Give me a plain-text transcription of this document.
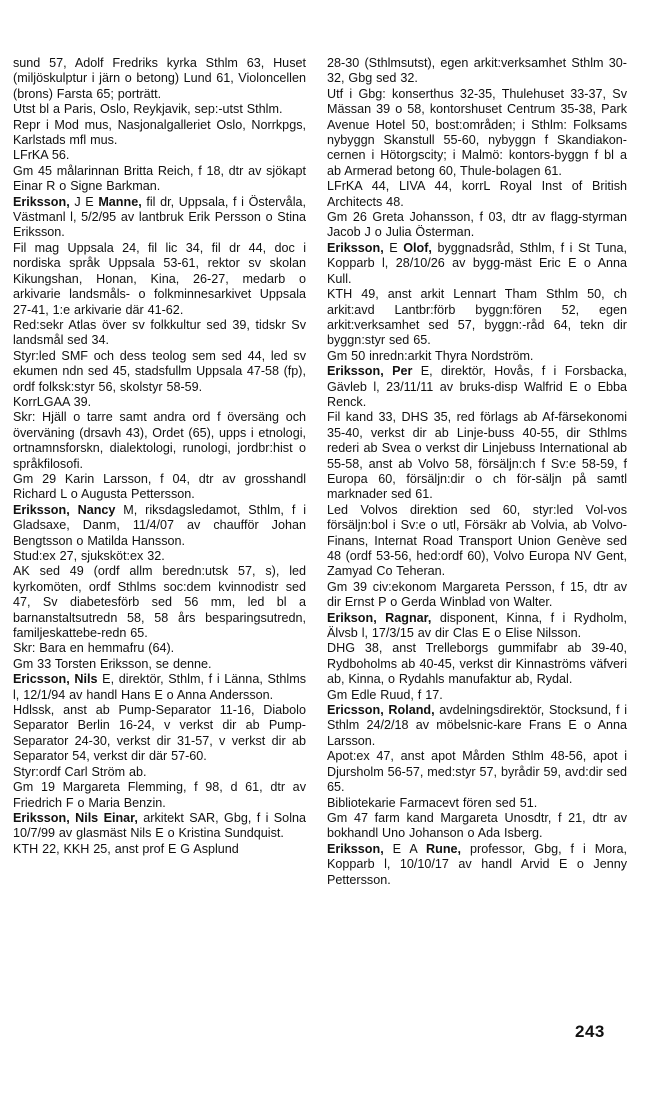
sund 57, Adolf Fredriks kyrka Sthlm 63, Huset (miljöskulptur i järn o betong) Lund 61, Violoncellen (brons) Farsta 65; porträtt.

Utst bl a Paris, Oslo, Reykjavik, sep:-utst Sthlm.

Repr i Mod mus, Nasjonalgalleriet Oslo, Norrkpgs, Karlstads mfl mus.

LFrKA 56.

Gm 45 målarinnan Britta Reich, f 18, dtr av sjökapt Einar R o Signe Barkman.

Eriksson, J E Manne, fil dr, Uppsala, f i Östervåla, Västmanl l, 5/2/95 av lantbruk Erik Persson o Stina Eriksson.

Fil mag Uppsala 24, fil lic 34, fil dr 44, doc i nordiska språk Uppsala 53-61, rektor sv skolan Kikungshan, Honan, Kina, 26-27, medarb o arkivarie landsmåls- o folkminnesarkivet Uppsala 27-41, 1:e arkivarie där 41-62.

Red:sekr Atlas över sv folkkultur sed 39, tidskr Sv landsmål sed 34.

Styr:led SMF och dess teolog sem sed 44, led sv ekumen ndn sed 45, stadsfullm Uppsala 47-58 (fp), ordf folksk:styr 56, skolstyr 58-59.

KorrLGAA 39.

Skr: Hjäll o tarre samt andra ord f översäng och överväning (drsavh 43), Ordet (65), upps i etnologi, ortnamnsforskn, dialektologi, runologi, jordbr:hist o språkfilosofi.

Gm 29 Karin Larsson, f 04, dtr av grosshandl Richard L o Augusta Pettersson.

Eriksson, Nancy M, riksdagsledamot, Sthlm, f i Gladsaxe, Danm, 11/4/07 av chaufför Johan Bengtsson o Matilda Hansson.

Stud:ex 27, sjuksköt:ex 32.

AK sed 49 (ordf allm beredn:utsk 57, s), led kyrkomöten, ordf Sthlms soc:dem kvinnodistr sed 47, Sv diabetesförb sed 56 mm, led bl a barnanstaltsutredn 58, 58 års besparingsutredn, familjeskattebe-redn 65.

Skr: Bara en hemmafru (64).

Gm 33 Torsten Eriksson, se denne.

Ericsson, Nils E, direktör, Sthlm, f i Länna, Sthlms l, 12/1/94 av handl Hans E o Anna Andersson.

Hdlssk, anst ab Pump-Separator 11-16, Diabolo Separator Berlin 16-24, v verkst dir ab Pump-Separator 24-30, verkst dir 31-57, v verkst dir ab Separator 54, verkst dir där 57-60.

Styr:ordf Carl Ström ab.

Gm 19 Margareta Flemming, f 98, d 61, dtr av Friedrich F o Maria Benzin.

Eriksson, Nils Einar, arkitekt SAR, Gbg, f i Solna 10/7/99 av glasmäst Nils E o Kristina Sundquist.

KTH 22, KKH 25, anst prof E G Asplund

28-30 (Sthlmsutst), egen arkit:verksamhet Sthlm 30-32, Gbg sed 32.

Utf i Gbg: konserthus 32-35, Thulehuset 33-37, Sv Mässan 39 o 58, kontorshuset Centrum 35-38, Park Avenue Hotel 50, bost:områden; i Sthlm: Folksams nybyggn Skanstull 55-60, nybyggn f Skandiakon-cernen i Hötorgscity; i Malmö: kontors-byggn f bl a ab Armerad betong 60, Thule-bolagen 61.

LFrKA 44, LIVA 44, korrL Royal Inst of British Architects 48.

Gm 26 Greta Johansson, f 03, dtr av flagg-styrman Jacob J o Julia Österman.

Eriksson, E Olof, byggnadsråd, Sthlm, f i St Tuna, Kopparb l, 28/10/26 av bygg-mäst Eric E o Anna Kull.

KTH 49, anst arkit Lennart Tham Sthlm 50, ch arkit:avd Lantbr:förb byggn:fören 52, egen arkit:verksamhet sed 57, byggn:-råd 64, tekn dir byggn:styr sed 65.

Gm 50 inredn:arkit Thyra Nordström.

Eriksson, Per E, direktör, Hovås, f i Forsbacka, Gävleb l, 23/11/11 av bruks-disp Walfrid E o Ebba Renck.

Fil kand 33, DHS 35, red förlags ab Af-färsekonomi 35-40, verkst dir ab Linje-buss 40-55, dir Sthlms rederi ab Svea o verkst dir Linjebuss International ab 55-58, anst ab Volvo 58, försäljn:ch f Sv:e 58-59, f Europa 60, försäljn:dir o ch för-säljn på samtl marknader sed 61.

Led Volvos direktion sed 60, styr:led Vol-vos försäljn:bol i Sv:e o utl, Försäkr ab Volvia, ab Volvo-Finans, Internat Road Transport Union Genève sed 48 (ordf 53-56, hed:ordf 60), Volvo Europa NV Gent, Zamyad Co Teheran.

Gm 39 civ:ekonom Margareta Persson, f 15, dtr av dir Ernst P o Gerda Winblad von Walter.

Erikson, Ragnar, disponent, Kinna, f i Rydholm, Älvsb l, 17/3/15 av dir Clas E o Elise Nilsson.

DHG 38, anst Trelleborgs gummifabr ab 39-40, Rydboholms ab 40-45, verkst dir Kinnaströms väfveri ab, Kinna, o Rydahls manufaktur ab, Rydal.

Gm Edle Ruud, f 17.

Ericsson, Roland, avdelningsdirektör, Stocksund, f i Sthlm 24/2/18 av möbelsnic-kare Frans E o Anna Larsson.

Apot:ex 47, anst apot Mården Sthlm 48-56, apot i Djursholm 56-57, med:styr 57, byrådir 59, avd:dir sed 65.

Bibliotekarie Farmacevt fören sed 51.

Gm 47 farm kand Margareta Unosdtr, f 21, dtr av bokhandl Uno Johanson o Ada Isberg.

Eriksson, E A Rune, professor, Gbg, f i Mora, Kopparb l, 10/10/17 av handl Arvid E o Jenny Pettersson.

243
